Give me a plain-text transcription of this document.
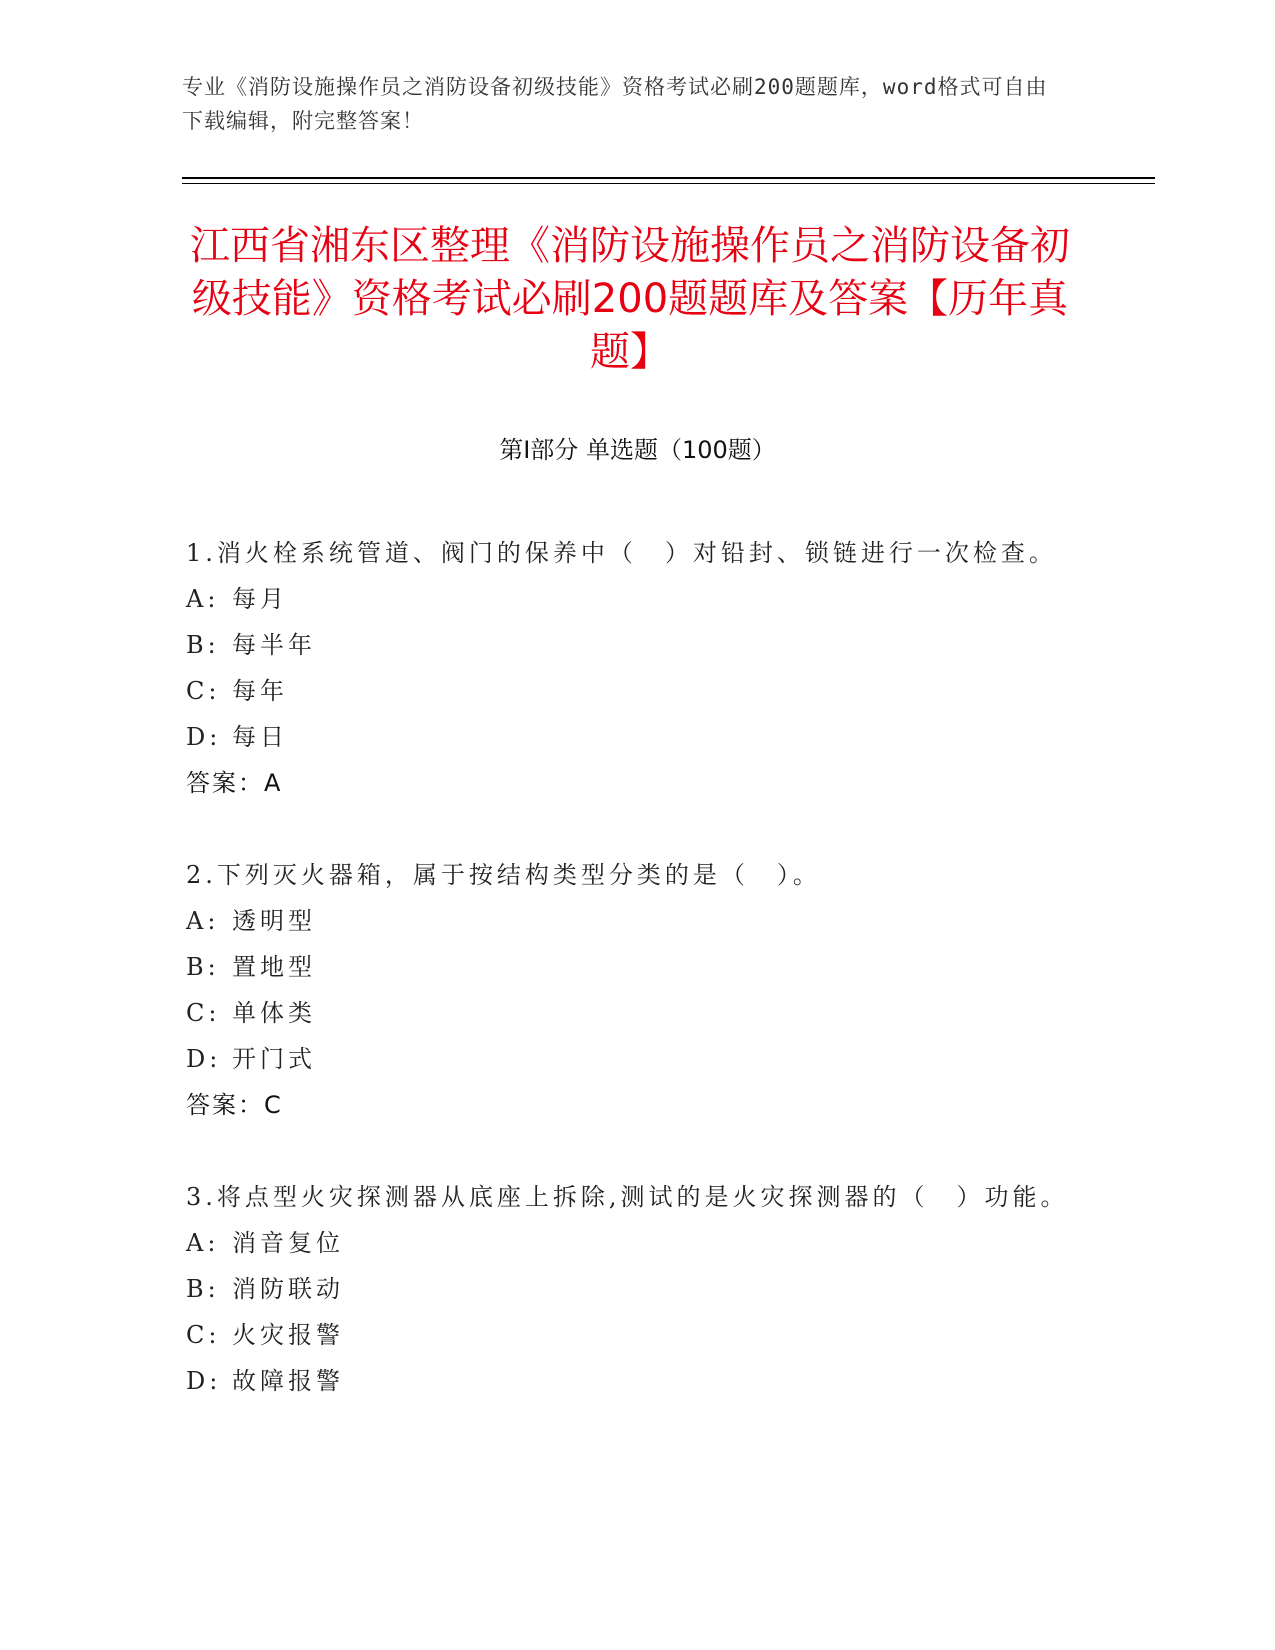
专业《消防设施操作员之消防设备初级技能》资格考试必刷200题题库，word格式可自由下载编辑，附完整答案！
江西省湘东区整理《消防设施操作员之消防设备初级技能》资格考试必刷200题题库及答案【历年真题】
第Ⅰ部分 单选题（100题）
1.消火栓系统管道、阀门的保养中（　）对铅封、锁链进行一次检查。
A: 每月
B: 每半年
C: 每年
D: 每日
答案：A
2.下列灭火器箱，属于按结构类型分类的是（　）。
A: 透明型
B: 置地型
C: 单体类
D: 开门式
答案：C
3.将点型火灾探测器从底座上拆除,测试的是火灾探测器的（　）功能。
A: 消音复位
B: 消防联动
C: 火灾报警
D: 故障报警
